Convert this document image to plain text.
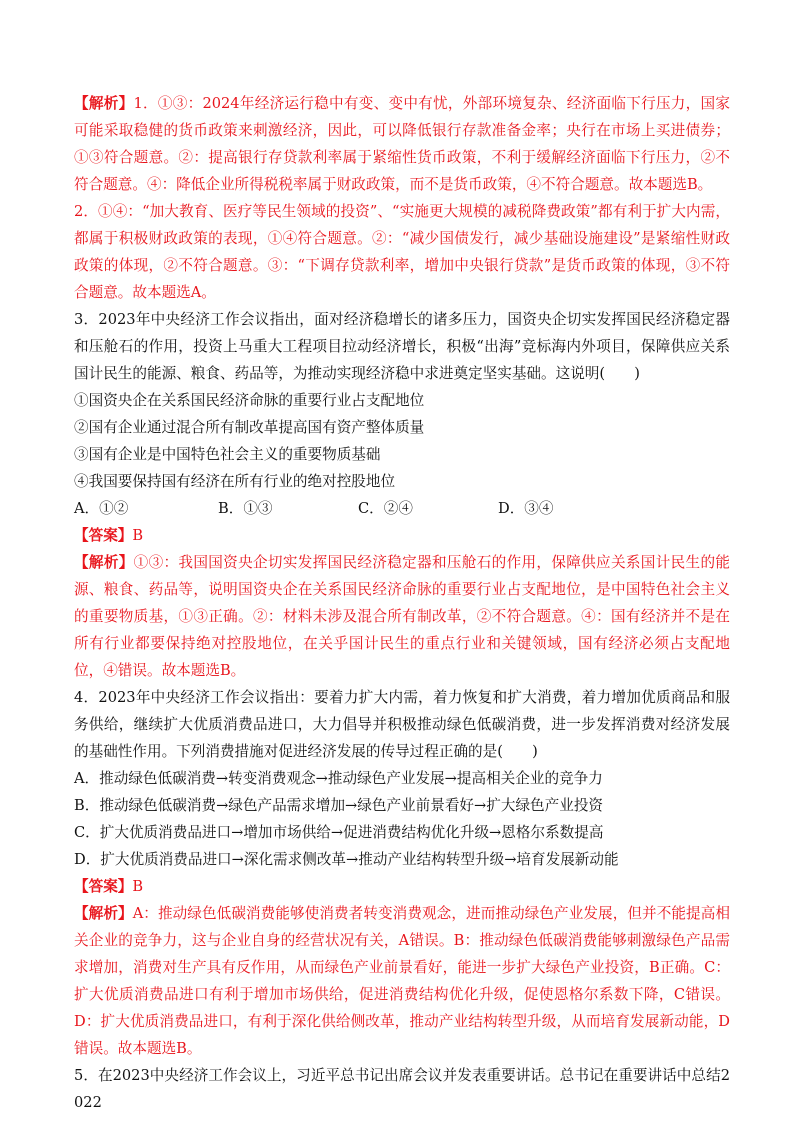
【解析】1．①③：2024年经济运行稳中有变、变中有忧，外部环境复杂、经济面临下行压力，国家可能采取稳健的货币政策来刺激经济，因此，可以降低银行存款准备金率；央行在市场上买进债券；①③符合题意。②：提高银行存贷款利率属于紧缩性货币政策，不利于缓解经济面临下行压力，②不符合题意。④：降低企业所得税税率属于财政政策，而不是货币政策，④不符合题意。故本题选B。

2．①④：“加大教育、医疗等民生领域的投资”、“实施更大规模的减税降费政策”都有利于扩大内需，都属于积极财政政策的表现，①④符合题意。②：“减少国债发行，减少基础设施建设”是紧缩性财政政策的体现，②不符合题意。③：“下调存贷款利率，增加中央银行贷款”是货币政策的体现，③不符合题意。故本题选A。

3．2023年中央经济工作会议指出，面对经济稳增长的诸多压力，国资央企切实发挥国民经济稳定器和压舱石的作用，投资上马重大工程项目拉动经济增长，积极“出海”竞标海内外项目，保障供应关系国计民生的能源、粮食、药品等，为推动实现经济稳中求进奠定坚实基础。这说明(　　)

①国资央企在关系国民经济命脉的重要行业占支配地位

②国有企业通过混合所有制改革提高国有资产整体质量

③国有企业是中国特色社会主义的重要物质基础

④我国要保持国有经济在所有行业的绝对控股地位

A．①②	B．①③	C．②④	D．③④

【答案】B

【解析】①③：我国国资央企切实发挥国民经济稳定器和压舱石的作用，保障供应关系国计民生的能源、粮食、药品等，说明国资央企在关系国民经济命脉的重要行业占支配地位，是中国特色社会主义的重要物质基，①③正确。②：材料未涉及混合所有制改革，②不符合题意。④：国有经济并不是在所有行业都要保持绝对控股地位，在关乎国计民生的重点行业和关键领域，国有经济必须占支配地位，④错误。故本题选B。

4．2023年中央经济工作会议指出：要着力扩大内需，着力恢复和扩大消费，着力增加优质商品和服务供给，继续扩大优质消费品进口，大力倡导并积极推动绿色低碳消费，进一步发挥消费对经济发展的基础性作用。下列消费措施对促进经济发展的传导过程正确的是(　　)

A．推动绿色低碳消费→转变消费观念→推动绿色产业发展→提高相关企业的竞争力

B．推动绿色低碳消费→绿色产品需求增加→绿色产业前景看好→扩大绿色产业投资

C．扩大优质消费品进口→增加市场供给→促进消费结构优化升级→恩格尔系数提高

D．扩大优质消费品进口→深化需求侧改革→推动产业结构转型升级→培育发展新动能

【答案】B

【解析】A：推动绿色低碳消费能够使消费者转变消费观念，进而推动绿色产业发展，但并不能提高相关企业的竞争力，这与企业自身的经营状况有关，A错误。B：推动绿色低碳消费能够刺激绿色产品需求增加，消费对生产具有反作用，从而绿色产业前景看好，能进一步扩大绿色产业投资，B正确。C：扩大优质消费品进口有利于增加市场供给，促进消费结构优化升级，促使恩格尔系数下降，C错误。D：扩大优质消费品进口，有利于深化供给侧改革，推动产业结构转型升级，从而培育发展新动能，D错误。故本题选B。

5．在2023中央经济工作会议上，习近平总书记出席会议并发表重要讲话。总书记在重要讲话中总结2022
